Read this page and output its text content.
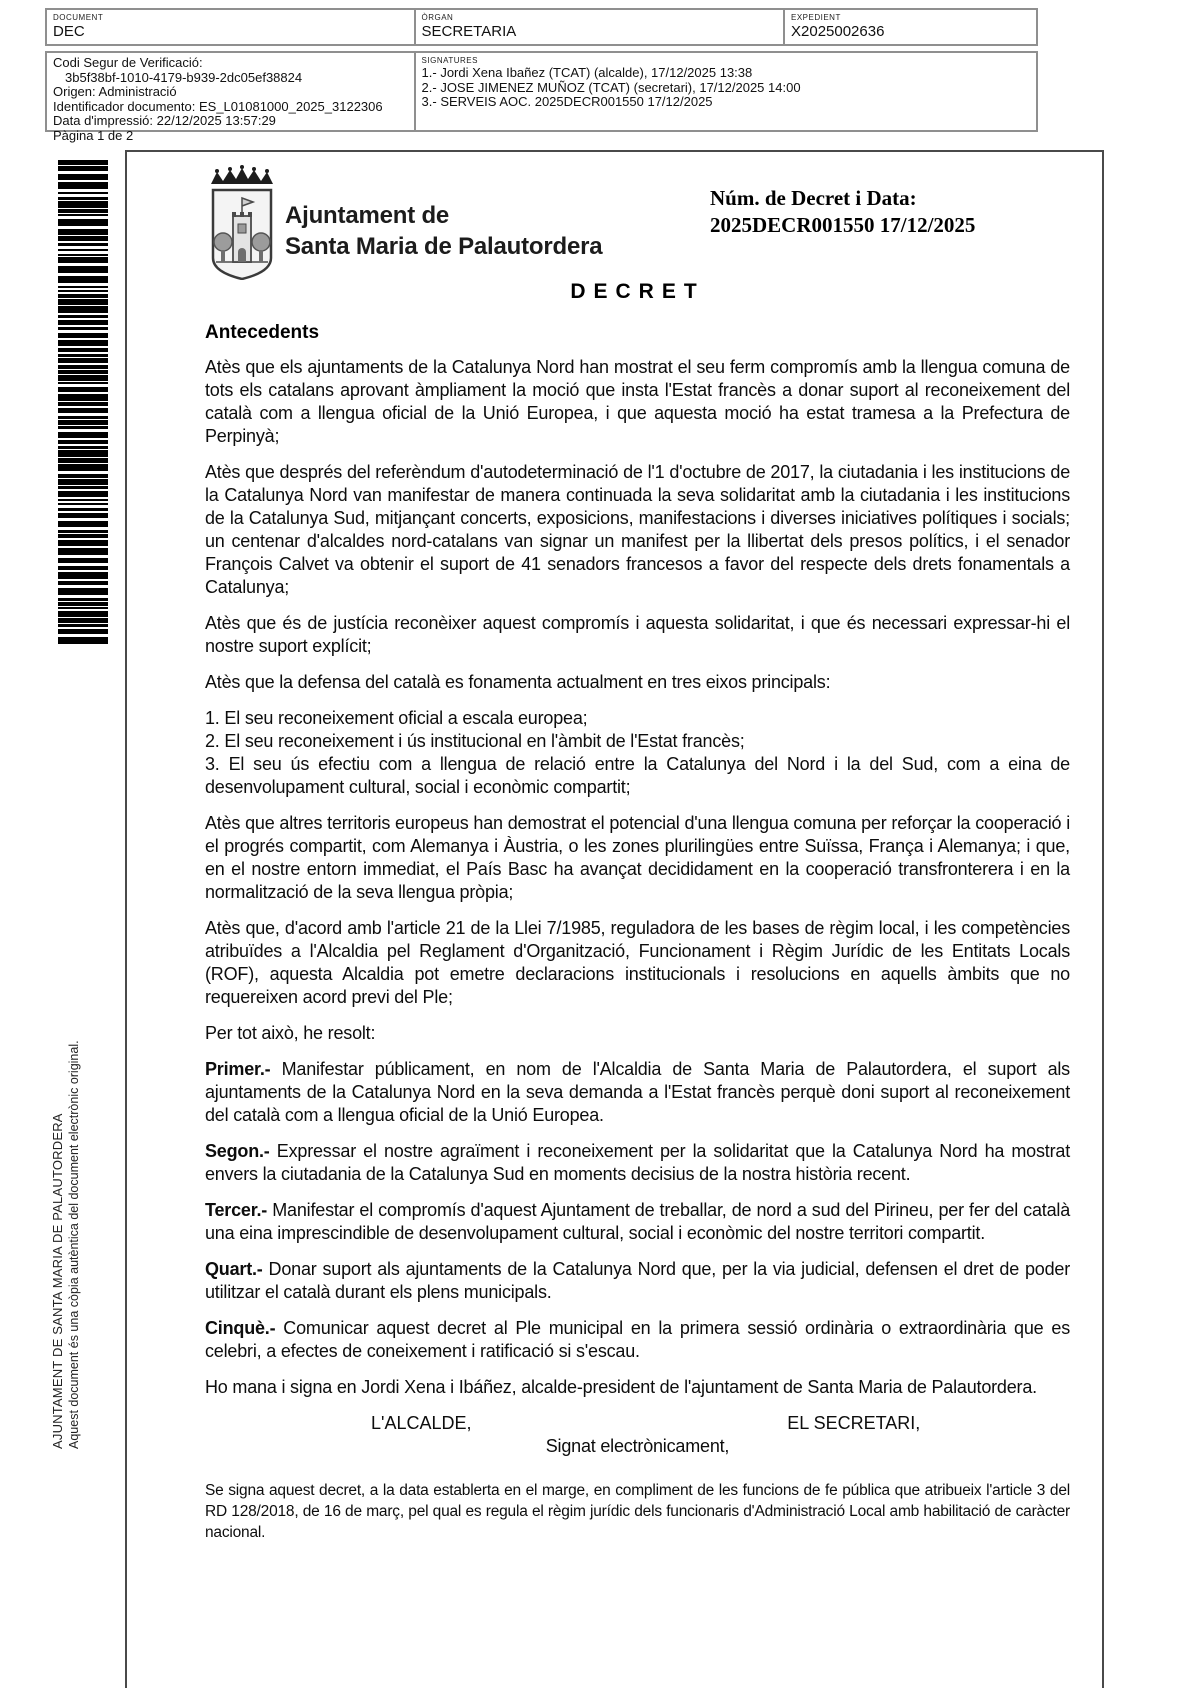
DOCUMENT
DEC
ÒRGAN
SECRETARIA
EXPEDIENT
X2025002636
Codi Segur de Verificació:
3b5f38bf-1010-4179-b939-2dc05ef38824
Origen: Administració
Identificador documento: ES_L01081000_2025_3122306
Data d'impressió: 22/12/2025 13:57:29
Pàgina 1 de 2
SIGNATURES
1.- Jordi Xena Ibañez (TCAT) (alcalde), 17/12/2025 13:38
2.- JOSE JIMENEZ MUÑOZ (TCAT) (secretari), 17/12/2025 14:00
3.- SERVEIS AOC. 2025DECR001550 17/12/2025
AJUNTAMENT DE SANTA MARIA DE PALAUTORDERA Aquest document és una còpia autèntica del document electrònic original.
Ajuntament de
Santa Maria de Palautordera
Núm. de Decret i Data:
2025DECR001550 17/12/2025
DECRET
Antecedents

Atès que els ajuntaments de la Catalunya Nord han mostrat el seu ferm compromís amb la llengua comuna de tots els catalans aprovant àmpliament la moció que insta l'Estat francès a donar suport al reconeixement del català com a llengua oficial de la Unió Europea, i que aquesta moció ha estat tramesa a la Prefectura de Perpinyà;

Atès que després del referèndum d'autodeterminació de l'1 d'octubre de 2017, la ciutadania i les institucions de la Catalunya Nord van manifestar de manera continuada la seva solidaritat amb la ciutadania i les institucions de la Catalunya Sud, mitjançant concerts, exposicions, manifestacions i diverses iniciatives polítiques i socials; un centenar d'alcaldes nord-catalans van signar un manifest per la llibertat dels presos polítics, i el senador François Calvet va obtenir el suport de 41 senadors francesos a favor del respecte dels drets fonamentals a Catalunya;

Atès que és de justícia reconèixer aquest compromís i aquesta solidaritat, i que és necessari expressar-hi el nostre suport explícit;

Atès que la defensa del català es fonamenta actualment en tres eixos principals:

1. El seu reconeixement oficial a escala europea;

2. El seu reconeixement i ús institucional en l'àmbit de l'Estat francès;

3. El seu ús efectiu com a llengua de relació entre la Catalunya del Nord i la del Sud, com a eina de desenvolupament cultural, social i econòmic compartit;

Atès que altres territoris europeus han demostrat el potencial d'una llengua comuna per reforçar la cooperació i el progrés compartit, com Alemanya i Àustria, o les zones plurilingües entre Suïssa, França i Alemanya; i que, en el nostre entorn immediat, el País Basc ha avançat decididament en la cooperació transfronterera i en la normalització de la seva llengua pròpia;

Atès que, d'acord amb l'article 21 de la Llei 7/1985, reguladora de les bases de règim local, i les competències atribuïdes a l'Alcaldia pel Reglament d'Organització, Funcionament i Règim Jurídic de les Entitats Locals (ROF), aquesta Alcaldia pot emetre declaracions institucionals i resolucions en aquells àmbits que no requereixen acord previ del Ple;

Per tot això, he resolt:

Primer.- Manifestar públicament, en nom de l'Alcaldia de Santa Maria de Palautordera, el suport als ajuntaments de la Catalunya Nord en la seva demanda a l'Estat francès perquè doni suport al reconeixement del català com a llengua oficial de la Unió Europea.

Segon.- Expressar el nostre agraïment i reconeixement per la solidaritat que la Catalunya Nord ha mostrat envers la ciutadania de la Catalunya Sud en moments decisius de la nostra història recent.

Tercer.- Manifestar el compromís d'aquest Ajuntament de treballar, de nord a sud del Pirineu, per fer del català una eina imprescindible de desenvolupament cultural, social i econòmic del nostre territori compartit.

Quart.- Donar suport als ajuntaments de la Catalunya Nord que, per la via judicial, defensen el dret de poder utilitzar el català durant els plens municipals.

Cinquè.- Comunicar aquest decret al Ple municipal en la primera sessió ordinària o extraordinària que es celebri, a efectes de coneixement i ratificació si s'escau.

Ho mana i signa en Jordi Xena i Ibáñez, alcalde-president de l'ajuntament de Santa Maria de Palautordera.

L'ALCALDE,	EL SECRETARI,

Signat electrònicament,

Se signa aquest decret, a la data establerta en el marge, en compliment de les funcions de fe pública que atribueix l'article 3 del RD 128/2018, de 16 de març, pel qual es regula el règim jurídic dels funcionaris d'Administració Local amb habilitació de caràcter nacional.
